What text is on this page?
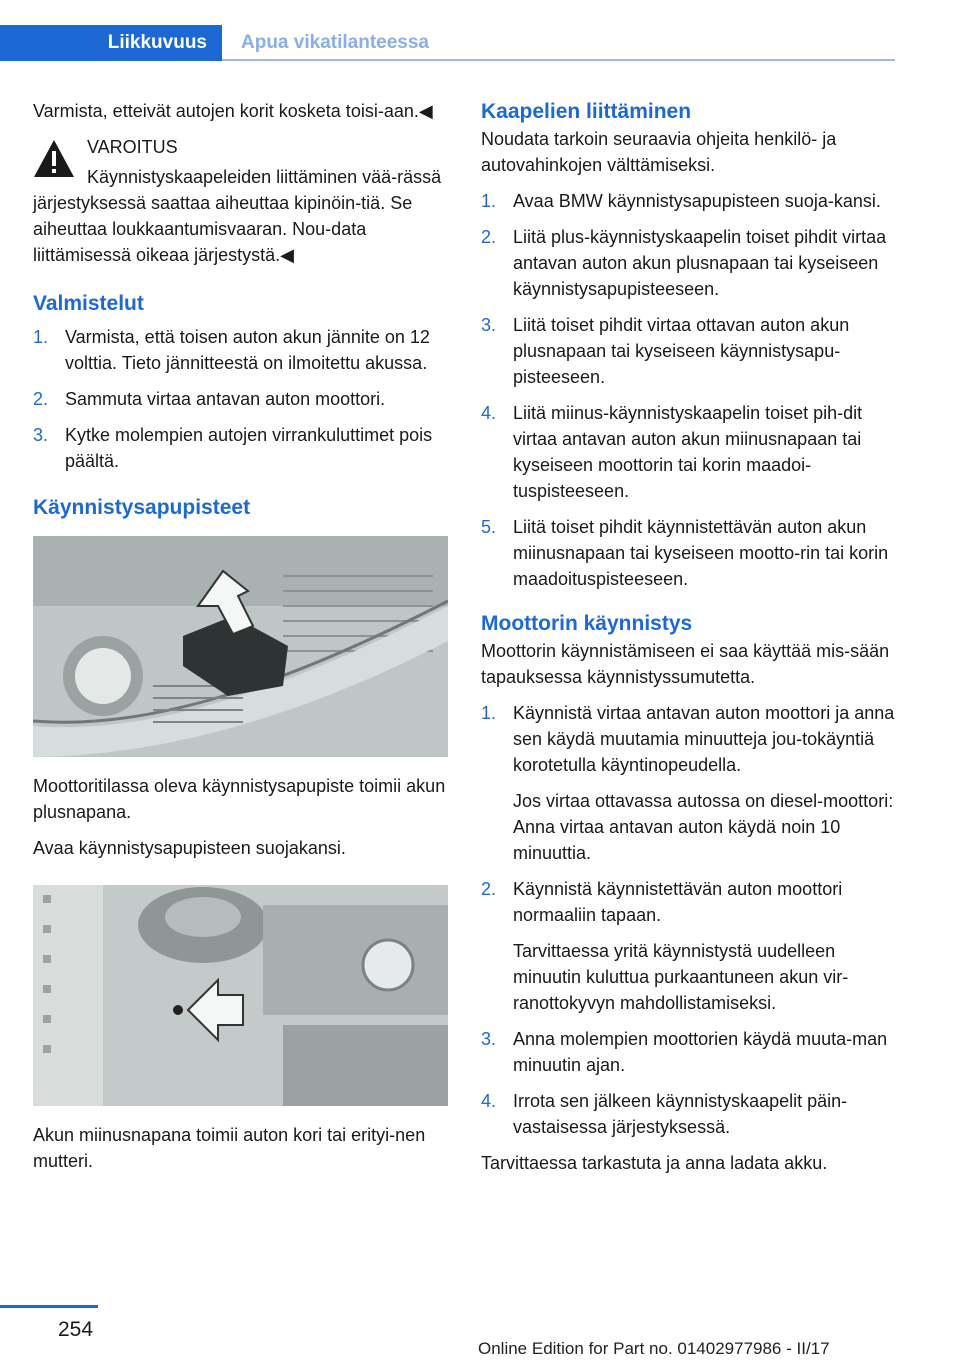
Liikkuvuus	Apua vikatilanteessa

Varmista, etteivät autojen korit kosketa toisi‐aan.◀

VAROITUS

Käynnistyskaapeleiden liittäminen vää‐rässä järjestyksessä saattaa aiheuttaa kipinöin‐tiä. Se aiheuttaa loukkaantumisvaaran. Nou‐data liittämisessä oikeaa järjestystä.◀

Valmistelut
1. Varmista, että toisen auton akun jännite on 12 volttia. Tieto jännitteestä on ilmoitettu akussa.
2. Sammuta virtaa antavan auton moottori.
3. Kytke molempien autojen virrankuluttimet pois päältä.
Käynnistysapupisteet

Moottoritilassa oleva käynnistysapupiste toimii akun plusnapana.

Avaa käynnistysapupisteen suojakansi.

Akun miinusnapana toimii auton kori tai erityi‐nen mutteri.

Kaapelien liittäminen

Noudata tarkoin seuraavia ohjeita henkilö- ja autovahinkojen välttämiseksi.

1. Avaa BMW käynnistysapupisteen suoja‐kansi.
2. Liitä plus-käynnistyskaapelin toiset pihdit virtaa antavan auton akun plusnapaan tai kyseiseen käynnistysapupisteeseen.
3. Liitä toiset pihdit virtaa ottavan auton akun plusnapaan tai kyseiseen käynnistysapu‐pisteeseen.
4. Liitä miinus-käynnistyskaapelin toiset pih‐dit virtaa antavan auton akun miinusnapaan tai kyseiseen moottorin tai korin maadoi‐tuspisteeseen.
5. Liitä toiset pihdit käynnistettävän auton akun miinusnapaan tai kyseiseen mootto‐rin tai korin maadoituspisteeseen.
Moottorin käynnistys

Moottorin käynnistämiseen ei saa käyttää mis‐sään tapauksessa käynnistyssumutetta.

1. Käynnistä virtaa antavan auton moottori ja anna sen käydä muutamia minuutteja jou‐tokäyntiä korotetulla käyntinopeudella.
Jos virtaa ottavassa autossa on diesel‐moottori: Anna virtaa antavan auton käydä noin 10 minuuttia.
2. Käynnistä käynnistettävän auton moottori normaaliin tapaan.
Tarvittaessa yritä käynnistystä uudelleen minuutin kuluttua purkaantuneen akun vir‐ranottokyvyn mahdollistamiseksi.
3. Anna molempien moottorien käydä muuta‐man minuutin ajan.
4. Irrota sen jälkeen käynnistyskaapelit päin‐vastaisessa järjestyksessä.

Tarvittaessa tarkastuta ja anna ladata akku.

254
Online Edition for Part no. 01402977986 - II/17
